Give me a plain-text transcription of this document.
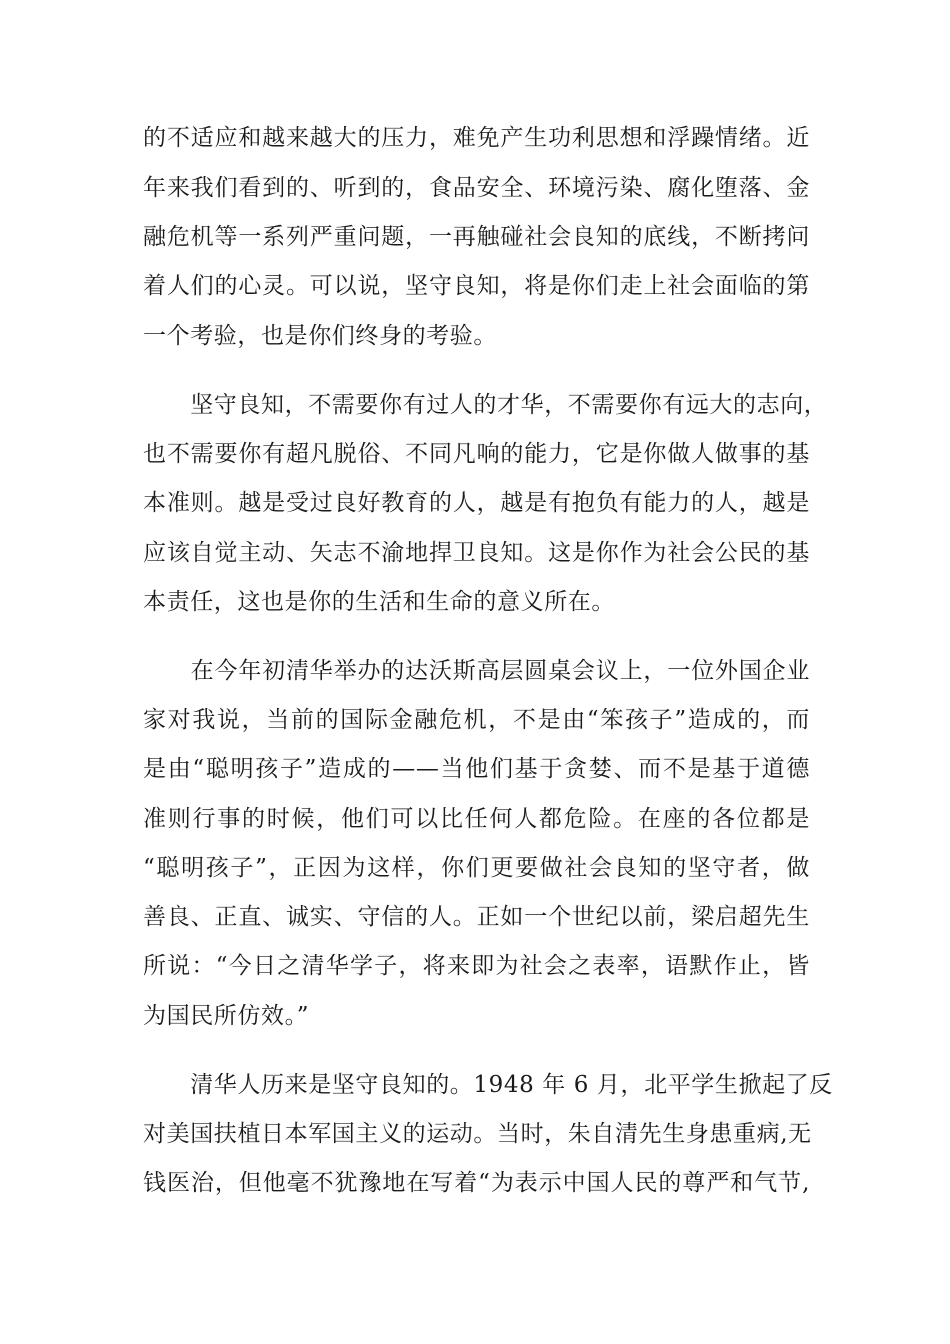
的不适应和越来越大的压力，难免产生功利思想和浮躁情绪。近
年来我们看到的、听到的，食品安全、环境污染、腐化堕落、金
融危机等一系列严重问题，一再触碰社会良知的底线，不断拷问
着人们的心灵。可以说，坚守良知，将是你们走上社会面临的第
一个考验，也是你们终身的考验。
　　坚守良知，不需要你有过人的才华，不需要你有远大的志向，
也不需要你有超凡脱俗、不同凡响的能力，它是你做人做事的基
本准则。越是受过良好教育的人，越是有抱负有能力的人，越是
应该自觉主动、矢志不渝地捍卫良知。这是你作为社会公民的基
本责任，这也是你的生活和生命的意义所在。
　　在今年初清华举办的达沃斯高层圆桌会议上，一位外国企业
家对我说，当前的国际金融危机，不是由“笨孩子”造成的，而
是由“聪明孩子”造成的——当他们基于贪婪、而不是基于道德
准则行事的时候，他们可以比任何人都危险。在座的各位都是
“聪明孩子”，正因为这样，你们更要做社会良知的坚守者，做
善良、正直、诚实、守信的人。正如一个世纪以前，梁启超先生
所说：“今日之清华学子，将来即为社会之表率，语默作止，皆
为国民所仿效。”
　　清华人历来是坚守良知的。1948 年 6 月，北平学生掀起了反
对美国扶植日本军国主义的运动。当时，朱自清先生身患重病,无
钱医治，但他毫不犹豫地在写着“为表示中国人民的尊严和气节,
